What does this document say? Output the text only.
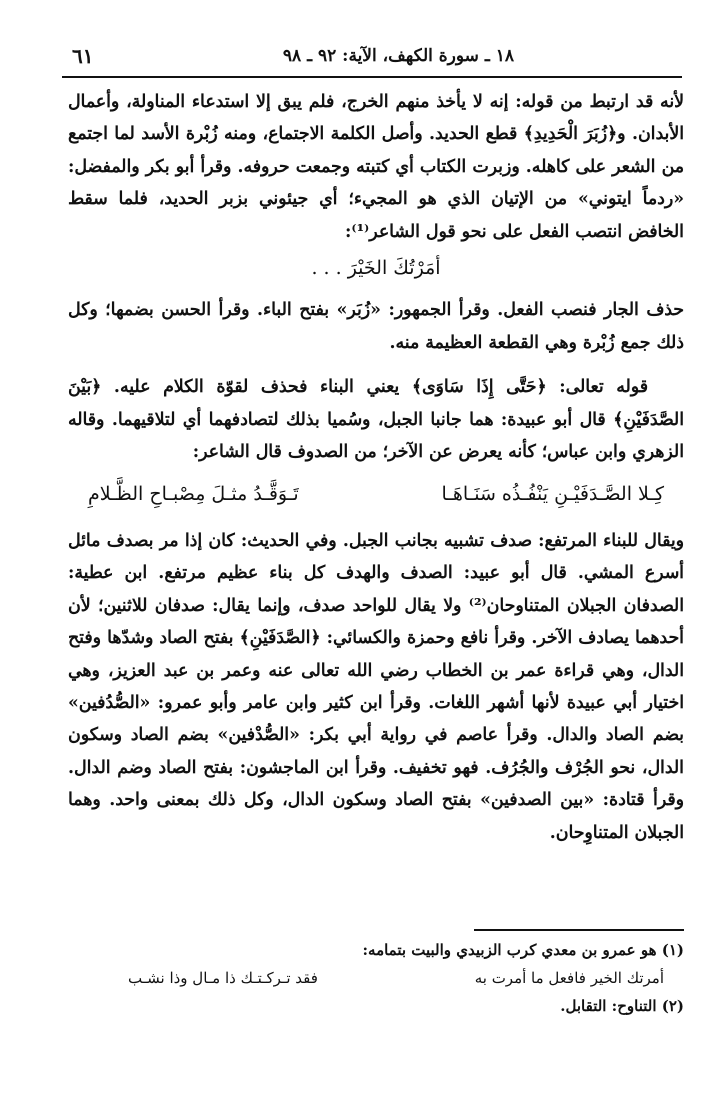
٦١	١٨ ـ سورة الكهف، الآية: ٩٢ ـ ٩٨

لأنه قد ارتبط من قوله: إنه لا يأخذ منهم الخرج، فلم يبق إلا استدعاء المناولة، وأعمال الأبدان. و﴿زُبَرَ الْحَدِيدِ﴾ قطع الحديد. وأصل الكلمة الاجتماع، ومنه زُبْرة الأسد لما اجتمع من الشعر على كاهله. وزبرت الكتاب أي كتبته وجمعت حروفه. وقرأ أبو بكر والمفضل: «ردماً ايتوني» من الإتيان الذي هو المجيء؛ أي جيئوني بزبر الحديد، فلما سقط الخافض انتصب الفعل على نحو قول الشاعر⁽¹⁾:

أمَرْتُكَ الخَيْرَ . . .

حذف الجار فنصب الفعل. وقرأ الجمهور: «زُبَر» بفتح الباء. وقرأ الحسن بضمها؛ وكل ذلك جمع زُبْرة وهي القطعة العظيمة منه.

قوله تعالى: ﴿حَتَّى إِذَا سَاوَى﴾ يعني البناء فحذف لقوّة الكلام عليه. ﴿بَيْنَ الصَّدَفَيْنِ﴾ قال أبو عبيدة: هما جانبا الجبل، وسُميا بذلك لتصادفهما أي لتلاقيهما. وقاله الزهري وابن عباس؛ كأنه يعرض عن الآخر؛ من الصدوف قال الشاعر:

كِـلا الصَّـدَفَيْـنِ يَنْفُـذُه سَنَـاهَـا
تَـوَقَّـدُ مثـلَ مِصْبـاحِ الظَّـلامِ

ويقال للبناء المرتفع: صدف تشبيه بجانب الجبل. وفي الحديث: كان إذا مر بصدف مائل أسرع المشي. قال أبو عبيد: الصدف والهدف كل بناء عظيم مرتفع. ابن عطية: الصدفان الجبلان المتناوحان⁽²⁾ ولا يقال للواحد صدف، وإنما يقال: صدفان للاثنين؛ لأن أحدهما يصادف الآخر. وقرأ نافع وحمزة والكسائي: ﴿الصَّدَفَيْنِ﴾ بفتح الصاد وشدّها وفتح الدال، وهي قراءة عمر بن الخطاب رضي الله تعالى عنه وعمر بن عبد العزيز، وهي اختيار أبي عبيدة لأنها أشهر اللغات. وقرأ ابن كثير وابن عامر وأبو عمرو: «الصُّدُفين» بضم الصاد والدال. وقرأ عاصم في رواية أبي بكر: «الصُّدْفين» بضم الصاد وسكون الدال، نحو الجُرْف والجُرُف. فهو تخفيف. وقرأ ابن الماجشون: بفتح الصاد وضم الدال. وقرأ قتادة: «بين الصدفين» بفتح الصاد وسكون الدال، وكل ذلك بمعنى واحد. وهما الجبلان المتناوِحان.

(١) هو عمرو بن معدي كرب الزبيدي والبيت بتمامه:

أمرتك الخير فافعل ما أمرت به
فقد تـركـتـك ذا مـال وذا نشـب

(٢) التناوح: التقابل.
